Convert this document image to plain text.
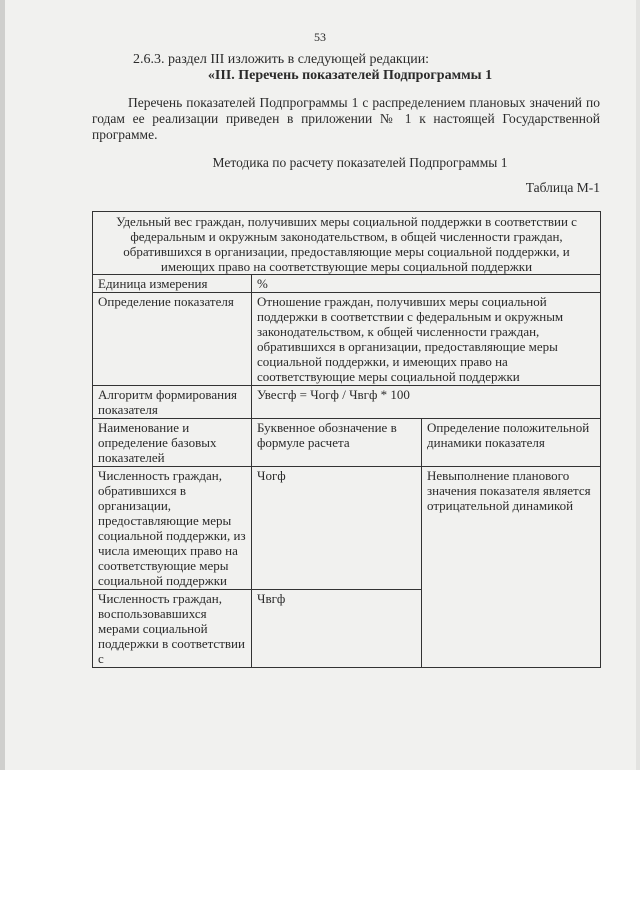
53
2.6.3. раздел III изложить в следующей редакции:
«III. Перечень показателей Подпрограммы 1
Перечень показателей Подпрограммы 1 с распределением плановых значений по годам ее реализации приведен в приложении № 1 к настоящей Государственной программе.
Методика по расчету показателей Подпрограммы 1
Таблица М-1
Удельный вес граждан, получивших меры социальной поддержки в соответствии с федеральным и окружным законодательством, в общей численности граждан, обратившихся в организации, предоставляющие меры социальной поддержки, и имеющих право на соответствующие меры социальной поддержки		
Единица измерения	%	
Определение показателя	Отношение граждан, получивших меры социальной поддержки в соответствии с федеральным и окружным законодательством, к общей численности граждан, обратившихся в организации, предоставляющие меры социальной поддержки, и имеющих право на соответствующие меры социальной поддержки	
Алгоритм формирования показателя	Увесгф = Чогф / Чвгф * 100	
Наименование и определение базовых показателей	Буквенное обозначение в формуле расчета	Определение положительной динамики показателя
Численность граждан, обратившихся в организации, предоставляющие меры социальной поддержки, из числа имеющих право на соответствующие меры социальной поддержки	Чогф	Невыполнение планового значения показателя является отрицательной динамикой
Численность граждан, воспользовавшихся мерами социальной поддержки в соответствии с	Чвгф	
